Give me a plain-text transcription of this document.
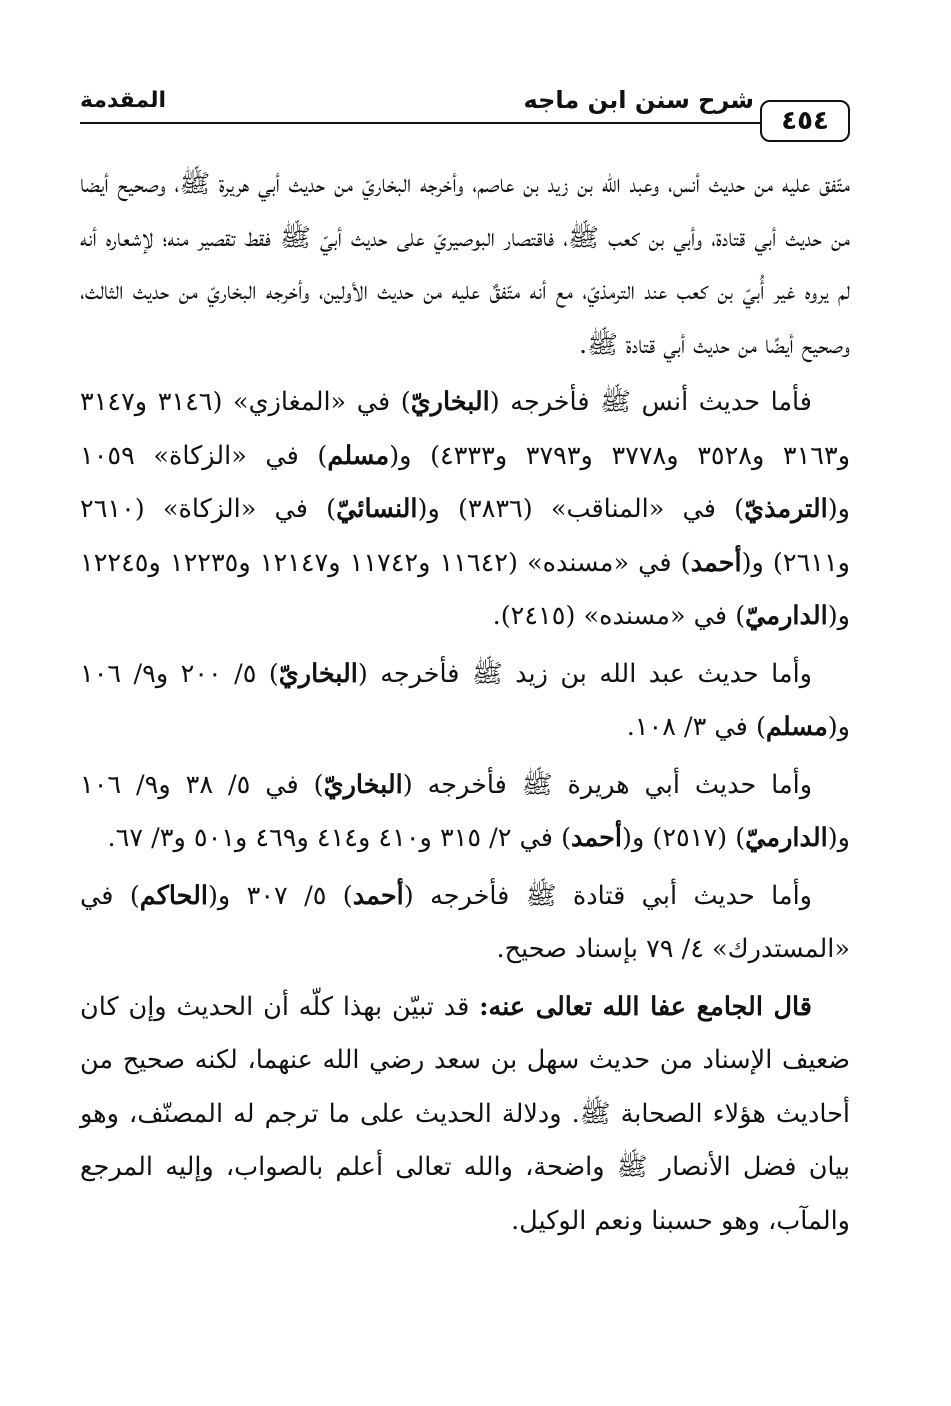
٤٥٤
شرح سنن ابن ماجه
المقدمة

متّفق عليه من حديث أنس، وعبد الله بن زيد بن عاصم، وأخرجه البخاريّ من حديث أبي هريرة ﷺ، وصحيح أيضا من حديث أبي قتادة، وأبي بن كعب ﷺ، فاقتصار البوصيريّ على حديث أبيّ ﷺ فقط تقصير منه؛ لإشعاره أنه لم يروه غير أُبيّ بن كعب عند الترمذيّ، مع أنه متّفقٌ عليه من حديث الأولين، وأخرجه البخاريّ من حديث الثالث، وصحيح أيضًا من حديث أبي قتادة ﷺ.

فأما حديث أنس ﷺ فأخرجه (البخاريّ) في «المغازي» (٣١٤٦ و٣١٤٧ و٣١٦٣ و٣٥٢٨ و٣٧٧٨ و٣٧٩٣ و٤٣٣٣) و(مسلم) في «الزكاة» ١٠٥٩ و(الترمذيّ) في «المناقب» (٣٨٣٦) و(النسائيّ) في «الزكاة» (٢٦١٠ و٢٦١١) و(أحمد) في «مسنده» (١١٦٤٢ و١١٧٤٢ و١٢١٤٧ و١٢٢٣٥ و١٢٢٤٥ و(الدارميّ) في «مسنده» (٢٤١٥).

وأما حديث عبد الله بن زيد ﷺ فأخرجه (البخاريّ) ٥/ ٢٠٠ و٩/ ١٠٦ و(مسلم) في ٣/ ١٠٨.

وأما حديث أبي هريرة ﷺ فأخرجه (البخاريّ) في ٥/ ٣٨ و٩/ ١٠٦ و(الدارميّ) (٢٥١٧) و(أحمد) في ٢/ ٣١٥ و٤١٠ و٤١٤ و٤٦٩ و٥٠١ و٣/ ٦٧.

وأما حديث أبي قتادة ﷺ فأخرجه (أحمد) ٥/ ٣٠٧ و(الحاكم) في «المستدرك» ٤/ ٧٩ بإسناد صحيح.

قال الجامع عفا الله تعالى عنه: قد تبيّن بهذا كلّه أن الحديث وإن كان ضعيف الإسناد من حديث سهل بن سعد رضي الله عنهما، لكنه صحيح من أحاديث هؤلاء الصحابة ﷺ. ودلالة الحديث على ما ترجم له المصنّف، وهو بيان فضل الأنصار ﷺ واضحة، والله تعالى أعلم بالصواب، وإليه المرجع والمآب، وهو حسبنا ونعم الوكيل.
